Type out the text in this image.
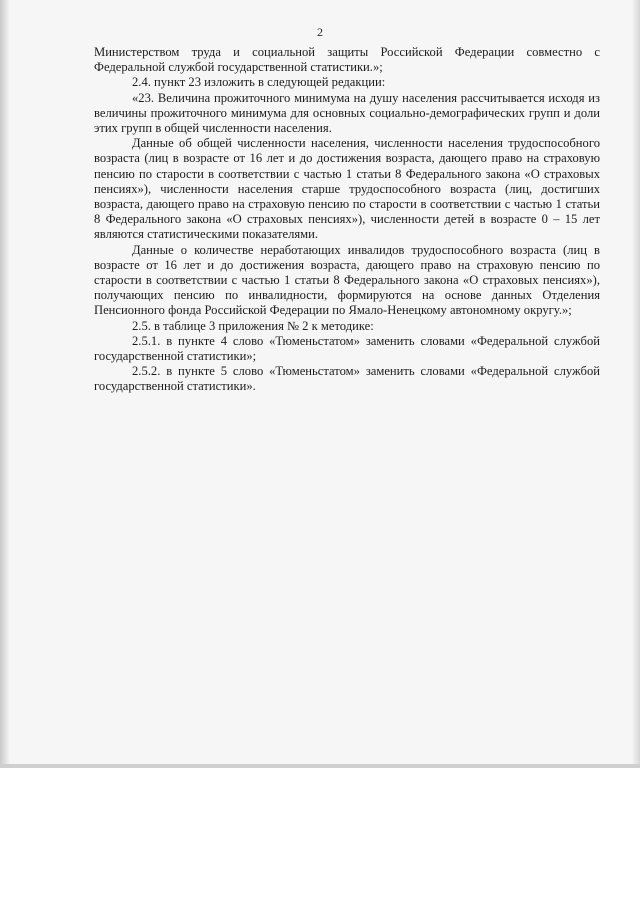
2

Министерством труда и социальной защиты Российской Федерации совместно с Федеральной службой государственной статистики.»;

2.4. пункт 23 изложить в следующей редакции:

«23. Величина прожиточного минимума на душу населения рассчитывается исходя из величины прожиточного минимума для основных социально-демографических групп и доли этих групп в общей численности населения.

Данные об общей численности населения, численности населения трудоспособного возраста (лиц в возрасте от 16 лет и до достижения возраста, дающего право на страховую пенсию по старости в соответствии с частью 1 статьи 8 Федерального закона «О страховых пенсиях»), численности населения старше трудоспособного возраста (лиц, достигших возраста, дающего право на страховую пенсию по старости в соответствии с частью 1 статьи 8 Федерального закона «О страховых пенсиях»), численности детей в возрасте 0 – 15 лет являются статистическими показателями.

Данные о количестве неработающих инвалидов трудоспособного возраста (лиц в возрасте от 16 лет и до достижения возраста, дающего право на страховую пенсию по старости в соответствии с частью 1 статьи 8 Федерального закона «О страховых пенсиях»), получающих пенсию по инвалидности, формируются на основе данных Отделения Пенсионного фонда Российской Федерации по Ямало-Ненецкому автономному округу.»;

2.5. в таблице 3 приложения № 2 к методике:

2.5.1. в пункте 4 слово «Тюменьстатом» заменить словами «Федеральной службой государственной статистики»;

2.5.2. в пункте 5 слово «Тюменьстатом» заменить словами «Федеральной службой государственной статистики».
